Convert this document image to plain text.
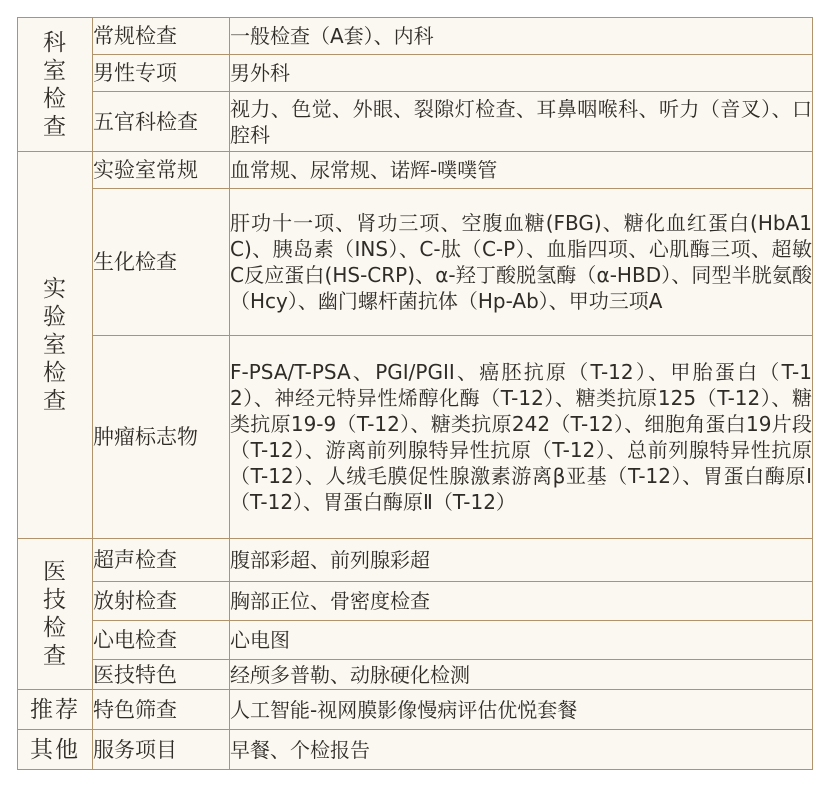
科室检查	常规检查	一般检查（A套）、内科
	男性专项	男外科
	五官科检查	视力、色觉、外眼、裂隙灯检查、耳鼻咽喉科、听力（音叉）、口腔科

实验室检查	实验室常规	血常规、尿常规、诺辉-噗噗管
	生化检查	肝功十一项、肾功三项、空腹血糖(FBG)、糖化血红蛋白(HbA1C)、胰岛素（INS）、C-肽（C-P）、血脂四项、心肌酶三项、超敏C反应蛋白(HS-CRP)、α-羟丁酸脱氢酶（α-HBD）、同型半胱氨酸（Hcy）、幽门螺杆菌抗体（Hp-Ab）、甲功三项A
	肿瘤标志物	F-PSA/T-PSA、PGI/PGII、癌胚抗原（T-12）、甲胎蛋白（T-12）、神经元特异性烯醇化酶（T-12）、糖类抗原125（T-12）、糖类抗原19-9（T-12）、糖类抗原242（T-12）、细胞角蛋白19片段（T-12）、游离前列腺特异性抗原（T-12）、总前列腺特异性抗原（T-12）、人绒毛膜促性腺激素游离β亚基（T-12）、胃蛋白酶原Ⅰ（T-12）、胃蛋白酶原Ⅱ（T-12）

医技检查	超声检查	腹部彩超、前列腺彩超
	放射检查	胸部正位、骨密度检查
	心电检查	心电图
	医技特色	经颅多普勒、动脉硬化检测
推荐	特色筛查	人工智能-视网膜影像慢病评估优悦套餐
其他	服务项目	早餐、个检报告
